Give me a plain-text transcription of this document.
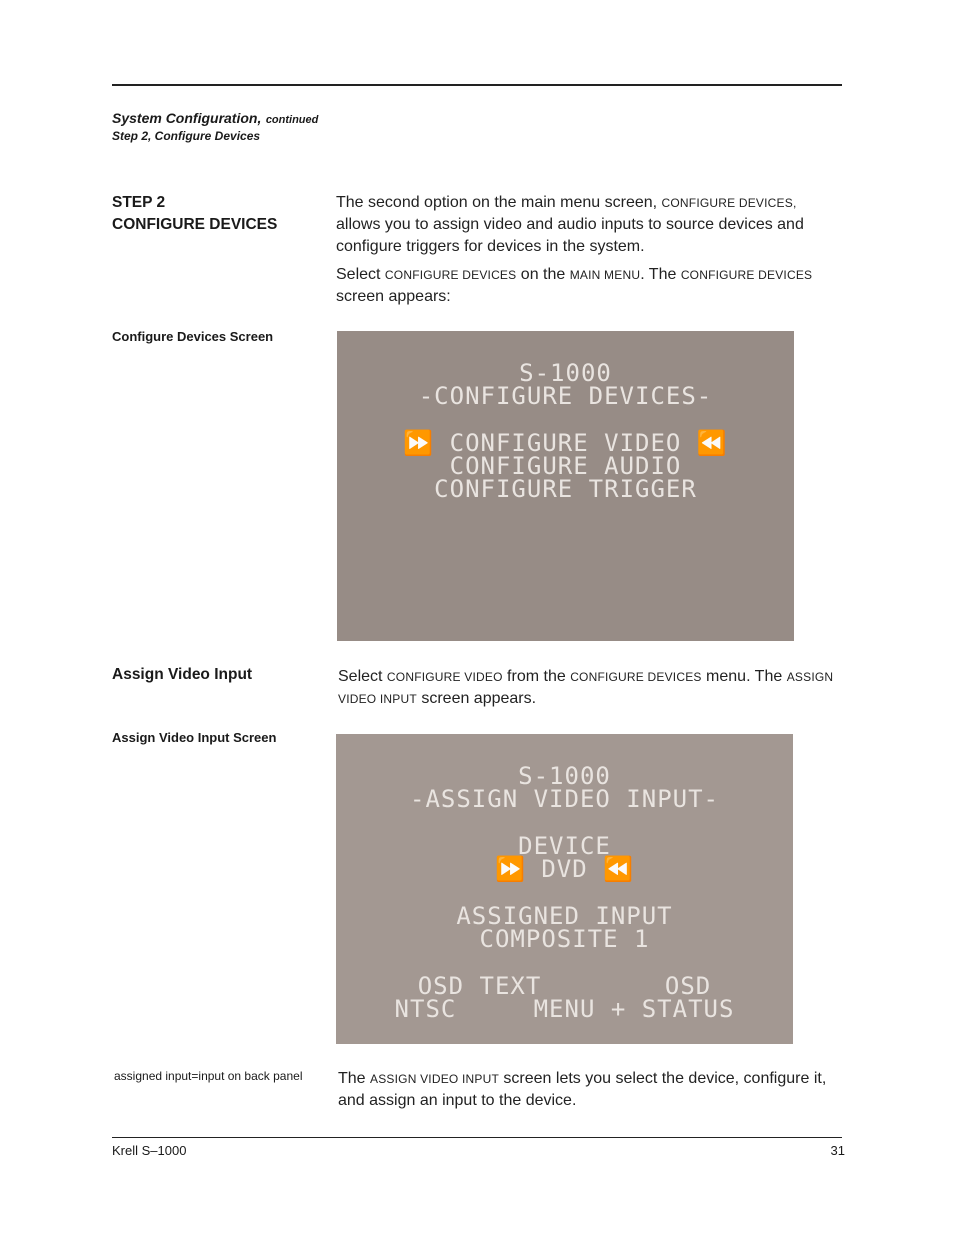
System Configuration, continued
Step 2, Configure Devices
STEP 2
CONFIGURE DEVICES

The second option on the main menu screen, CONFIGURE DEVICES, allows you to assign video and audio inputs to source devices and configure triggers for devices in the system.

Select CONFIGURE DEVICES on the MAIN MENU. The CONFIGURE DEVICES screen appears:

Configure Devices Screen

S-1000

-CONFIGURE DEVICES-

⏩ CONFIGURE VIDEO ⏪

CONFIGURE AUDIO

CONFIGURE TRIGGER

Assign Video Input	Select CONFIGURE VIDEO from the CONFIGURE DEVICES menu. The ASSIGN VIDEO INPUT screen appears.

Assign Video Input Screen

S-1000

-ASSIGN VIDEO INPUT-

DEVICE

⏩ DVD ⏪

ASSIGNED INPUT

COMPOSITE 1

OSD TEXT        OSD

NTSC     MENU + STATUS

assigned input=input on back panel	The ASSIGN VIDEO INPUT screen lets you select the device, configure it, and assign an input to the device.

Krell S–1000	31
